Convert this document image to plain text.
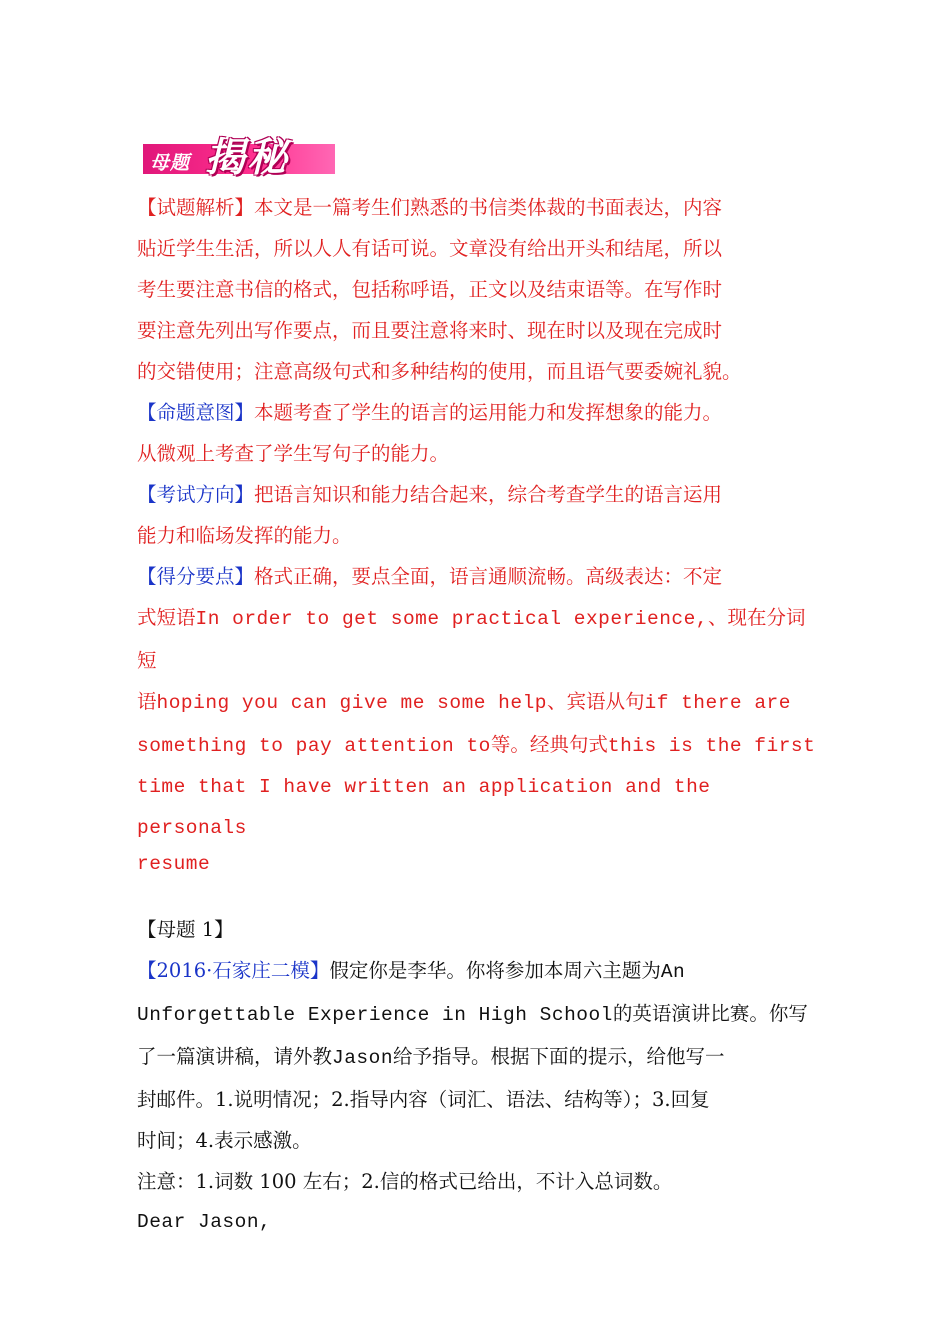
母题 揭秘

【试题解析】本文是一篇考生们熟悉的书信类体裁的书面表达，内容

贴近学生生活，所以人人有话可说。文章没有给出开头和结尾，所以

考生要注意书信的格式，包括称呼语，正文以及结束语等。在写作时

要注意先列出写作要点，而且要注意将来时、现在时以及现在完成时

的交错使用；注意高级句式和多种结构的使用，而且语气要委婉礼貌。

【命题意图】本题考查了学生的语言的运用能力和发挥想象的能力。

从微观上考查了学生写句子的能力。

【考试方向】把语言知识和能力结合起来，综合考查学生的语言运用

能力和临场发挥的能力。

【得分要点】格式正确，要点全面，语言通顺流畅。高级表达：不定

式短语In order to get some practical experience,、现在分词短

语hoping you can give me some help、宾语从句if there are

something to pay attention to等。经典句式this is the first

time that I have written an application and the personals

resume

【母题 1】

【2016·石家庄二模】假定你是李华。你将参加本周六主题为An

Unforgettable Experience in High School的英语演讲比赛。你写

了一篇演讲稿，请外教Jason给予指导。根据下面的提示，给他写一

封邮件。1.说明情况；2.指导内容（词汇、语法、结构等）；3.回复

时间；4.表示感激。

注意：1.词数 100 左右；2.信的格式已给出，不计入总词数。

Dear Jason,
